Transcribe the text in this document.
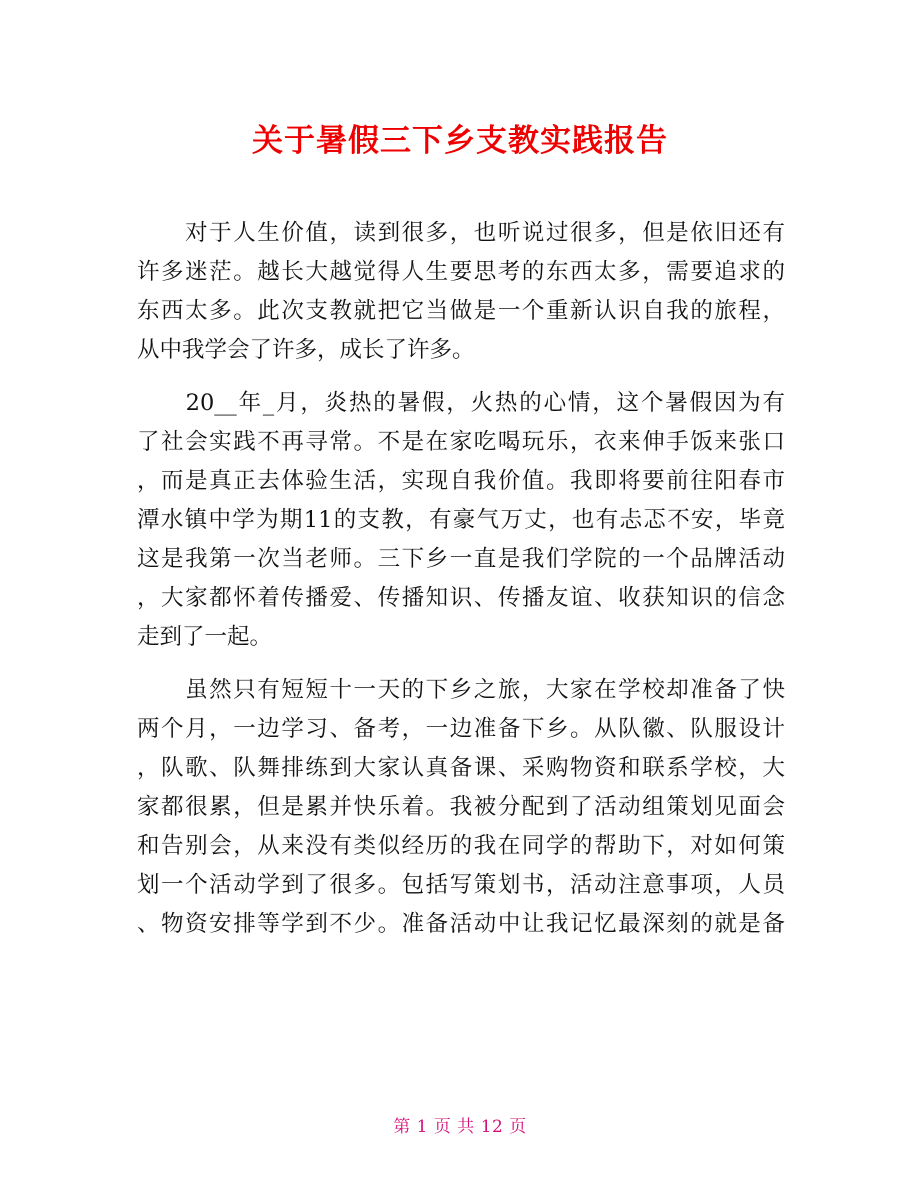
关于暑假三下乡支教实践报告
　　对于人生价值，读到很多，也听说过很多，但是依旧还有
许多迷茫。越长大越觉得人生要思考的东西太多，需要追求的
东西太多。此次支教就把它当做是一个重新认识自我的旅程，
从中我学会了许多，成长了许多。
　　20__年_月，炎热的暑假，火热的心情，这个暑假因为有
了社会实践不再寻常。不是在家吃喝玩乐，衣来伸手饭来张口
，而是真正去体验生活，实现自我价值。我即将要前往阳春市
潭水镇中学为期11的支教，有豪气万丈，也有忐忑不安，毕竟
这是我第一次当老师。三下乡一直是我们学院的一个品牌活动
，大家都怀着传播爱、传播知识、传播友谊、收获知识的信念
走到了一起。
　　虽然只有短短十一天的下乡之旅，大家在学校却准备了快
两个月，一边学习、备考，一边准备下乡。从队徽、队服设计
，队歌、队舞排练到大家认真备课、采购物资和联系学校，大
家都很累，但是累并快乐着。我被分配到了活动组策划见面会
和告别会，从来没有类似经历的我在同学的帮助下，对如何策
划一个活动学到了很多。包括写策划书，活动注意事项，人员
、物资安排等学到不少。准备活动中让我记忆最深刻的就是备
第 1 页 共 12 页
